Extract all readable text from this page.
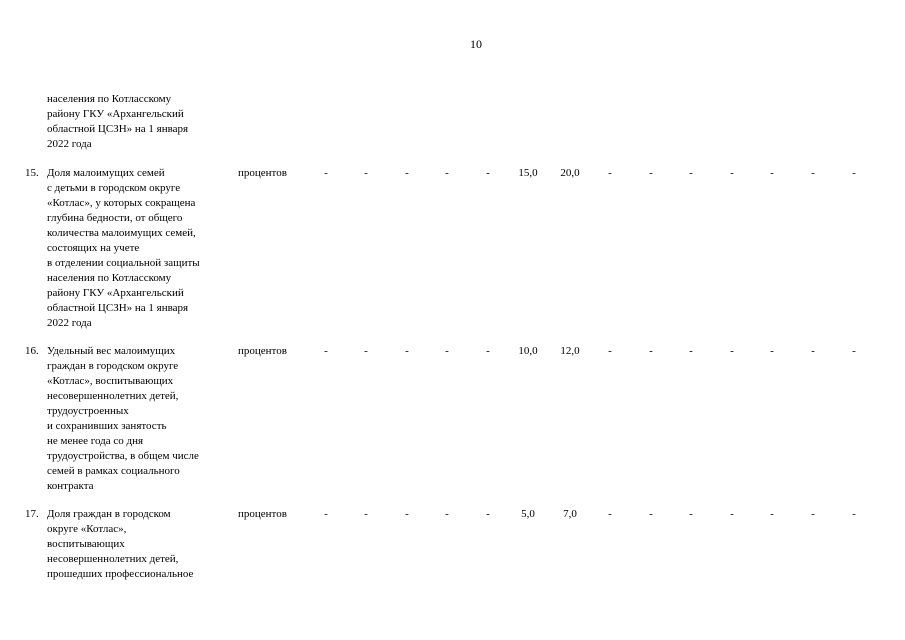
10
населения по Котласскому
району ГКУ «Архангельский
областной ЦСЗН» на 1 января
2022 года
15. Доля малоимущих семей
с детьми в городском округе
«Котлас», у которых сокращена
глубина бедности, от общего
количества малоимущих семей,
состоящих на учете
в отделении социальной защиты
населения по Котласскому
району ГКУ «Архангельский
областной ЦСЗН» на 1 января
2022 года
процентов	-	-	-	-	-	15,0	20,0	-	-	-	-	-	-	-
16. Удельный вес малоимущих
граждан в городском округе
«Котлас», воспитывающих
несовершеннолетних детей,
трудоустроенных
и сохранивших занятость
не менее года со дня
трудоустройства, в общем числе
семей в рамках социального
контракта
процентов	-	-	-	-	-	10,0	12,0	-	-	-	-	-	-	-
17. Доля граждан в городском
округе «Котлас»,
воспитывающих
несовершеннолетних детей,
прошедших профессиональное
процентов	-	-	-	-	-	5,0	7,0	-	-	-	-	-	-	-
